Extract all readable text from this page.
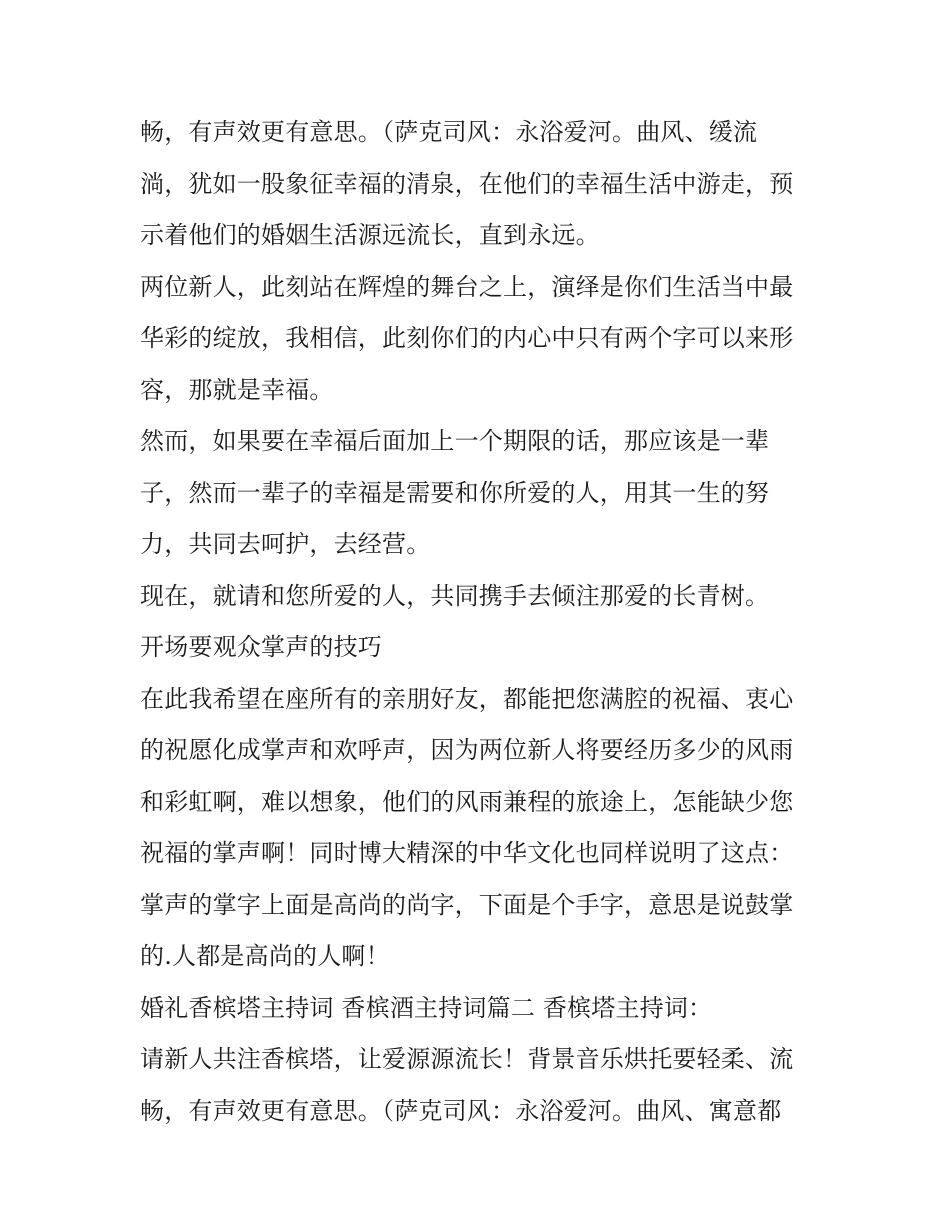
畅，有声效更有意思。（萨克司风：永浴爱河。曲风、缓流
淌，犹如一股象征幸福的清泉，在他们的幸福生活中游走，预
示着他们的婚姻生活源远流长，直到永远。
两位新人，此刻站在辉煌的舞台之上，演绎是你们生活当中最
华彩的绽放，我相信，此刻你们的内心中只有两个字可以来形
容，那就是幸福。
然而，如果要在幸福后面加上一个期限的话，那应该是一辈
子，然而一辈子的幸福是需要和你所爱的人，用其一生的努
力，共同去呵护，去经营。
现在，就请和您所爱的人，共同携手去倾注那爱的长青树。
开场要观众掌声的技巧
在此我希望在座所有的亲朋好友，都能把您满腔的祝福、衷心
的祝愿化成掌声和欢呼声，因为两位新人将要经历多少的风雨
和彩虹啊，难以想象，他们的风雨兼程的旅途上，怎能缺少您
祝福的掌声啊！同时博大精深的中华文化也同样说明了这点：
掌声的掌字上面是高尚的尚字，下面是个手字，意思是说鼓掌
的.人都是高尚的人啊！
婚礼香槟塔主持词 香槟酒主持词篇二 香槟塔主持词：
请新人共注香槟塔，让爱源源流长！背景音乐烘托要轻柔、流
畅，有声效更有意思。（萨克司风：永浴爱河。曲风、寓意都
